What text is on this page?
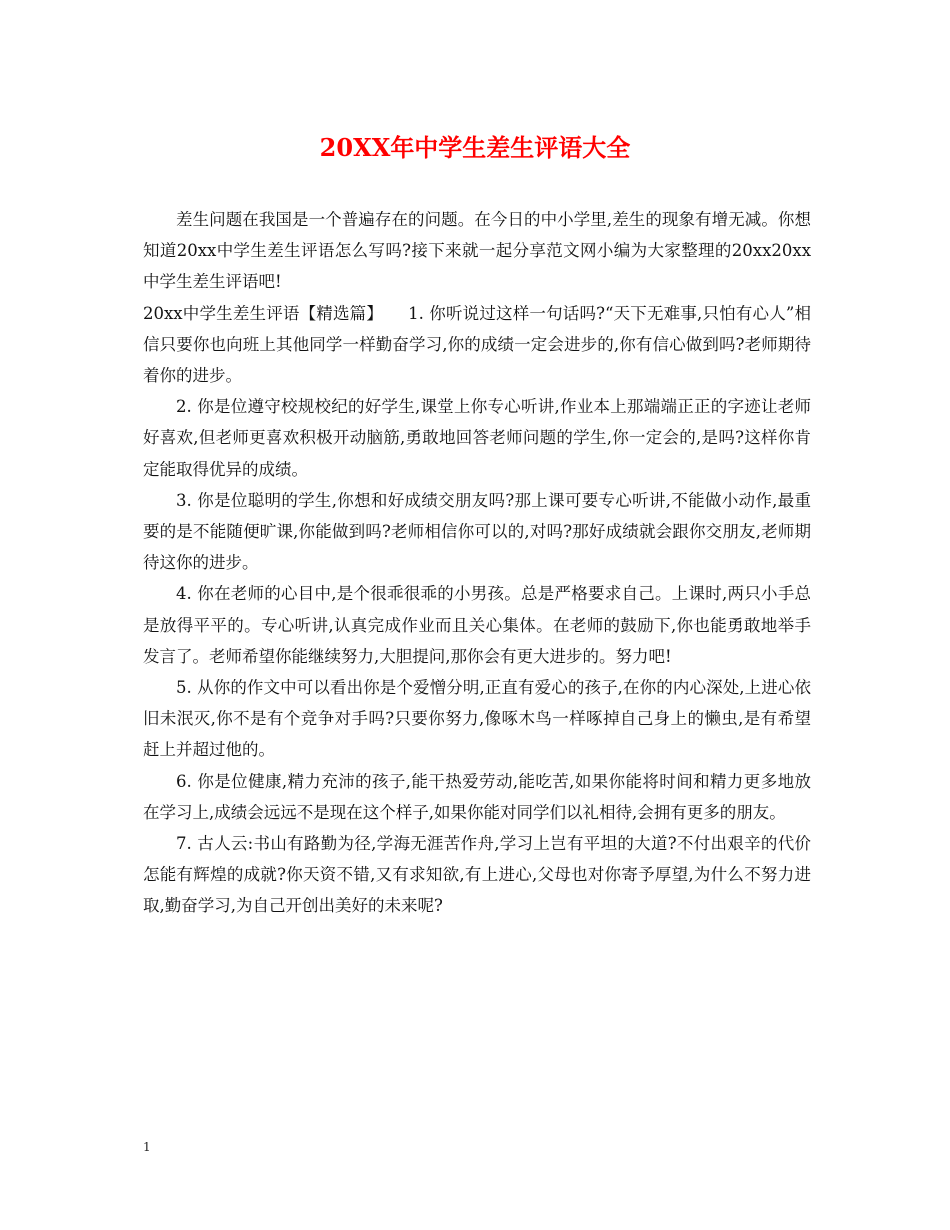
20XX年中学生差生评语大全

差生问题在我国是一个普遍存在的问题。在今日的中小学里,差生的现象有增无减。你想知道20xx中学生差生评语怎么写吗?接下来就一起分享范文网小编为大家整理的20xx20xx中学生差生评语吧!

20xx中学生差生评语【精选篇】　　1. 你听说过这样一句话吗?“天下无难事,只怕有心人”相信只要你也向班上其他同学一样勤奋学习,你的成绩一定会进步的,你有信心做到吗?老师期待着你的进步。

2. 你是位遵守校规校纪的好学生,课堂上你专心听讲,作业本上那端端正正的字迹让老师好喜欢,但老师更喜欢积极开动脑筋,勇敢地回答老师问题的学生,你一定会的,是吗?这样你肯定能取得优异的成绩。

3. 你是位聪明的学生,你想和好成绩交朋友吗?那上课可要专心听讲,不能做小动作,最重要的是不能随便旷课,你能做到吗?老师相信你可以的,对吗?那好成绩就会跟你交朋友,老师期待这你的进步。

4. 你在老师的心目中,是个很乖很乖的小男孩。总是严格要求自己。上课时,两只小手总是放得平平的。专心听讲,认真完成作业而且关心集体。在老师的鼓励下,你也能勇敢地举手发言了。老师希望你能继续努力,大胆提问,那你会有更大进步的。努力吧!

5. 从你的作文中可以看出你是个爱憎分明,正直有爱心的孩子,在你的内心深处,上进心依旧未泯灭,你不是有个竞争对手吗?只要你努力,像啄木鸟一样啄掉自己身上的懒虫,是有希望赶上并超过他的。

6. 你是位健康,精力充沛的孩子,能干热爱劳动,能吃苦,如果你能将时间和精力更多地放在学习上,成绩会远远不是现在这个样子,如果你能对同学们以礼相待,会拥有更多的朋友。

7. 古人云:书山有路勤为径,学海无涯苦作舟,学习上岂有平坦的大道?不付出艰辛的代价怎能有辉煌的成就?你天资不错,又有求知欲,有上进心,父母也对你寄予厚望,为什么不努力进取,勤奋学习,为自己开创出美好的未来呢?

1
